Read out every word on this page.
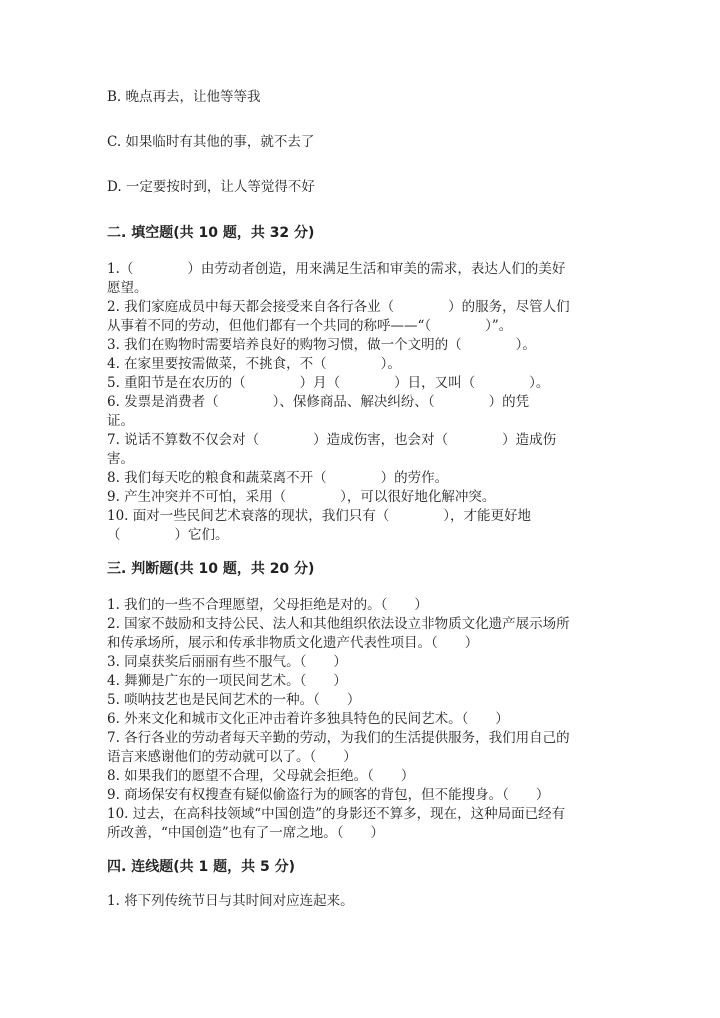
B. 晚点再去，让他等等我
C. 如果临时有其他的事，就不去了
D. 一定要按时到，让人等觉得不好
二. 填空题(共 10 题，共 32 分)
1.（　　　　）由劳动者创造，用来满足生活和审美的需求，表达人们的美好
愿望。
2. 我们家庭成员中每天都会接受来自各行各业（　　　　）的服务，尽管人们
从事着不同的劳动，但他们都有一个共同的称呼——“（　　　　）”。
3. 我们在购物时需要培养良好的购物习惯，做一个文明的（　　　　）。
4. 在家里要按需做菜，不挑食，不（　　　　）。
5. 重阳节是在农历的（　　　　）月（　　　　）日，又叫（　　　　）。
6. 发票是消费者（　　　　）、保修商品、解决纠纷、（　　　　）的凭
证。
7. 说话不算数不仅会对（　　　　）造成伤害，也会对（　　　　）造成伤
害。
8. 我们每天吃的粮食和蔬菜离不开（　　　　）的劳作。
9. 产生冲突并不可怕，采用（　　　　），可以很好地化解冲突。
10. 面对一些民间艺术衰落的现状，我们只有（　　　　），才能更好地
（　　　　）它们。
三. 判断题(共 10 题，共 20 分)
1. 我们的一些不合理愿望，父母拒绝是对的。（　　）
2. 国家不鼓励和支持公民、法人和其他组织依法设立非物质文化遗产展示场所
和传承场所，展示和传承非物质文化遗产代表性项目。（　　）
3. 同桌获奖后丽丽有些不服气。（　　）
4. 舞狮是广东的一项民间艺术。（　　）
5. 唢呐技艺也是民间艺术的一种。（　　）
6. 外来文化和城市文化正冲击着许多独具特色的民间艺术。（　　）
7. 各行各业的劳动者每天辛勤的劳动，为我们的生活提供服务，我们用自己的
语言来感谢他们的劳动就可以了。（　　）
8. 如果我们的愿望不合理，父母就会拒绝。（　　）
9. 商场保安有权搜查有疑似偷盗行为的顾客的背包，但不能搜身。（　　）
10. 过去，在高科技领域“中国创造”的身影还不算多，现在，这种局面已经有
所改善，“中国创造”也有了一席之地。（　　）
四. 连线题(共 1 题，共 5 分)
1. 将下列传统节日与其时间对应连起来。
